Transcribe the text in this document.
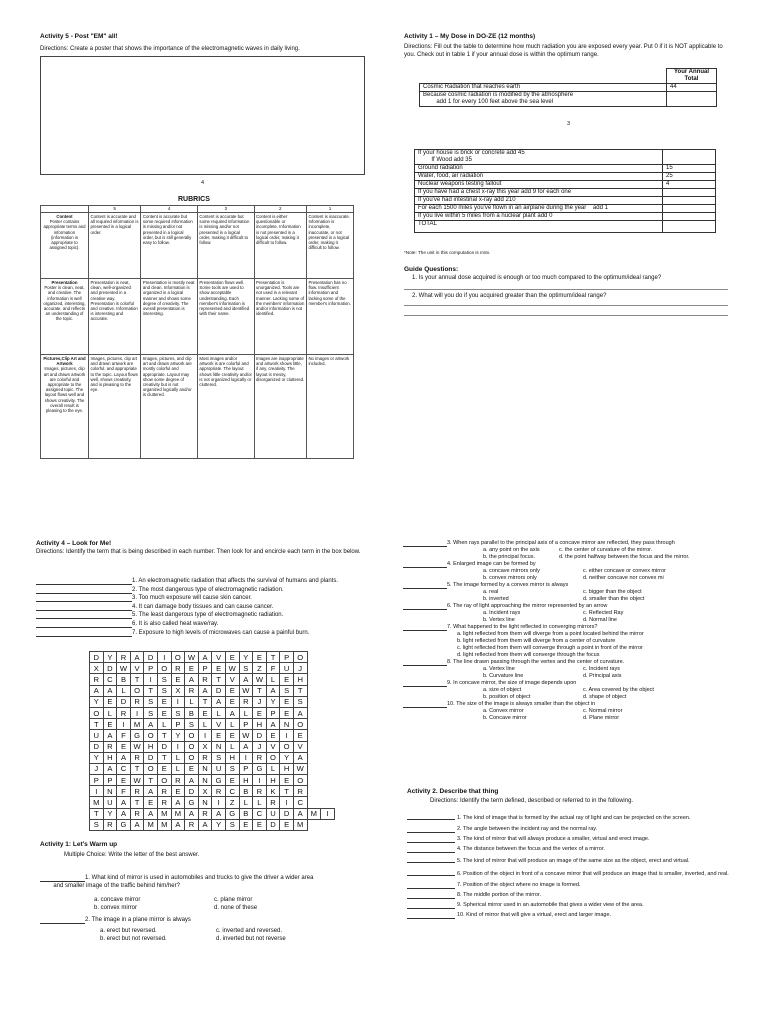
Activity 5 - Post "EM" all!
Directions: Create a poster that shows the importance of the electromagnetic waves in daily living.
4
RUBRICS
	5	4	3	2	1
Content
Poster contains appropriate terms and information (information is appropriate to assigned topic).	Content is accurate and all required information is presented in a logical order.	Content is accurate but some required information is missing and/or not presented in a logical order, but is still generally easy to follow.	Content is accurate but some required information is missing and/or not presented in a logical order, making it difficult to follow.	Content is either questionable or incomplete. Information is not presented in a logical order, making it difficult to follow.	Content is inaccurate. Information is incomplete, inaccurate, or not presented in a logical order, making it difficult to follow.
Presentation
Poster is clean, neat, and creative. The information is well organized, interesting, accurate, and reflects an understanding of the topic.	Presentation is neat, clean, well-organized and presented in a creative way. Presentation is colorful and creative. Information is interesting and accurate.	Presentation is mostly neat and clean. Information is organized in a logical manner and shows some degree of creativity. The overall presentation is interesting.	Presentation flows well. Some tools are used to show acceptable understanding. Each member's information is represented and identified with their name.	Presentation is unorganized. Tools are not used in a relevant manner. Lacking some of the members' information and/or information is not identified.	Presentation has no flow. Insufficient information and lacking some of the member's information.
Pictures,Clip Art and Artwork
Images, pictures, clip art and drawn artwork are colorful and appropriate to the assigned topic. The layout flows well and shows creativity. The overall result is pleasing to the eye.	Images, pictures, clip art and drawn artwork are colorful, and appropriate to the topic. Layout flows well, shows creativity, and is pleasing to the eye.	Images, pictures, and clip art and drawn artwork are mostly colorful and appropriate. Layout may show some degree of creativity but is not organized logically and/or is cluttered.	Most images and/or artwork is are colorful and appropriate. The layout shows little creativity and/or is not organized logically or cluttered.	Images are inappropriate and artwork shows little, if any, creativity. The layout is messy, disorganized or cluttered.	No images or artwork included.
Activity 1 – My Dose in DO-ZE (12 months)
Directions: Fill out the table to determine how much radiation you are exposed every year. Put 0 if it is NOT applicable to you. Check out in table 1 if your annual dose is within the optimum range.
	Your Annual Total
Cosmic Radiation that reaches earth	44
Because cosmic radiation is modified by the atmosphere
add 1 for every 100 feet above the sea level	
3
If your house is brick or concrete add 45
If Wood add 35	
Ground radiation	15
Water, food, air radiation	25
Nuclear weapons testing fallout	4
If you have had a chest x-ray this year add 9 for each one	
If you've had intestinal x-ray add 210	
For each 1500 miles you've flown in an airplane during the year    add 1	
If you live within 5 miles from a nuclear plant add 0	
TOTAL	
*Note: The unit in this computation is mSv.
Guide Questions:
1. Is your annual dose acquired is enough or too much compared to the optimum/ideal range?
2. What will you do if you acquired greater than the optimum/ideal range?
Activity 4 – Look for Me!
Directions: Identify the term that is being described in each number. Then look for and encircle each term in the box below.
1. An electromagnetic radiation that affects the survival of humans and plants.
2. The most dangerous type of electromagnetic radiation.
3. Too much exposure will cause skin cancer.
4. It can damage body tissues and can cause cancer.
5. The least dangerous type of electromagnetic radiation.
6. It is also called heat wave/ray.
7. Exposure to high levels of microwaves can cause a painful burn.
D	Y	R	A	D	I	O	W	A	V	E	Y	E	T	P	O		
X	D	W	V	P	O	R	E	P	E	W	S	Z	F	U	J		
R	C	B	T	I	S	E	A	R	T	V	A	W	L	E	H		
A	A	L	O	T	S	X	R	A	D	E	W	T	A	S	T		
Y	E	D	R	S	E	I	L	T	A	E	R	J	Y	E	S		
O	L	R	I	S	E	S	B	E	L	A	L	E	P	E	A		
T	E	I	M	A	L	P	S	L	V	L	P	H	A	N	O		
U	A	F	G	O	T	Y	O	I	E	E	W	D	E	I	E		
D	R	E	W	H	D	I	O	X	N	L	A	J	V	O	V		
Y	H	A	R	D	T	L	O	R	S	H	I	R	O	Y	A		
J	A	C	T	O	E	L	E	N	U	S	P	G	L	H	W		
P	P	E	W	T	O	R	A	N	G	E	H	I	H	E	O		
I	N	F	R	A	R	E	D	X	R	C	B	R	K	T	R		
M	U	A	T	E	R	A	G	N	I	Z	L	L	R	I	C		
T	Y	A	R	A	M	M	A	R	A	G	B	C	U	D	A	M	I
S	R	G	A	M	M	A	R	A	Y	S	E	E	D	E	M		
Activity 1: Let's Warm up
Multiple Choice: Write the letter of the best answer.
1. What kind of mirror is used in automobiles and trucks to give the driver a wider area
and smaller image of the traffic behind him/her?
a. concave mirror	c. plane mirror
b. convex mirror	d. none of these
2. The image in a plane mirror is always
a. erect but reversed.	c. inverted and reversed.
b. erect but not reversed.	d. inverted but not reverse
3. When rays parallel to the principal axis of a concave mirror are reflected, they pass through
a. any point on the axis	c. the center of curvature of the mirror.
b. the principal focus.	d. the point halfway between the focus and the mirror.
4. Enlarged image can be formed by
a. concave mirrors only	c. either concave or convex mirror
b. convex mirrors only	d. neither concave nor convex mi
5. The image formed by a convex mirror is always
a. real	c. bigger than the object
b. inverted	d. smaller than the object
6. The ray of light approaching the mirror represented by an arrow
a. Incident rays	c. Reflected Ray
b. Vertex line	d. Normal line
7. What happened to the light reflected in converging mirrors?
a. light reflected from them will diverge from a point located behind the mirror
b. light reflected from them will diverge from a center of curvature
c. light reflected from them will converge through a point in front of the mirror
d. light reflected from them will converge through the focus
8. The line drawn passing through the vertex and the center of curvature.
a. Vertex line	c. Incident rays
b. Curvature line	d. Principal axis
9. In concave mirror, the size of image depends upon
a. size of object	c. Area covered by the object
b. position of object	d. shape of object
10. The size of the image is always smaller than the object in
a. Convex mirror	c. Normal mirror
b. Concave mirror	d. Plane mirror
Activity 2. Describe that thing
Directions: Identify the term defined, described or referred to in the following.
1. The kind of image that is formed by the actual ray of light and can be projected on the screen.
2. The angle between the incident ray and the normal ray.
3. The kind of mirror that will always produce a smaller, virtual and erect image.
4. The distance between the focus and the vertex of a mirror.
5. The kind of mirror that will produce an image of the same size as the object, erect and virtual.
6. Position of the object in front of a concave mirror that will produce an image that is smaller, inverted, and real.
7. Position of the object where no image is formed.
8. The middle portion of the mirror.
9. Spherical mirror used in an automobile that gives a wider view of the area.
10. Kind of mirror that will give a virtual, erect and larger image.
